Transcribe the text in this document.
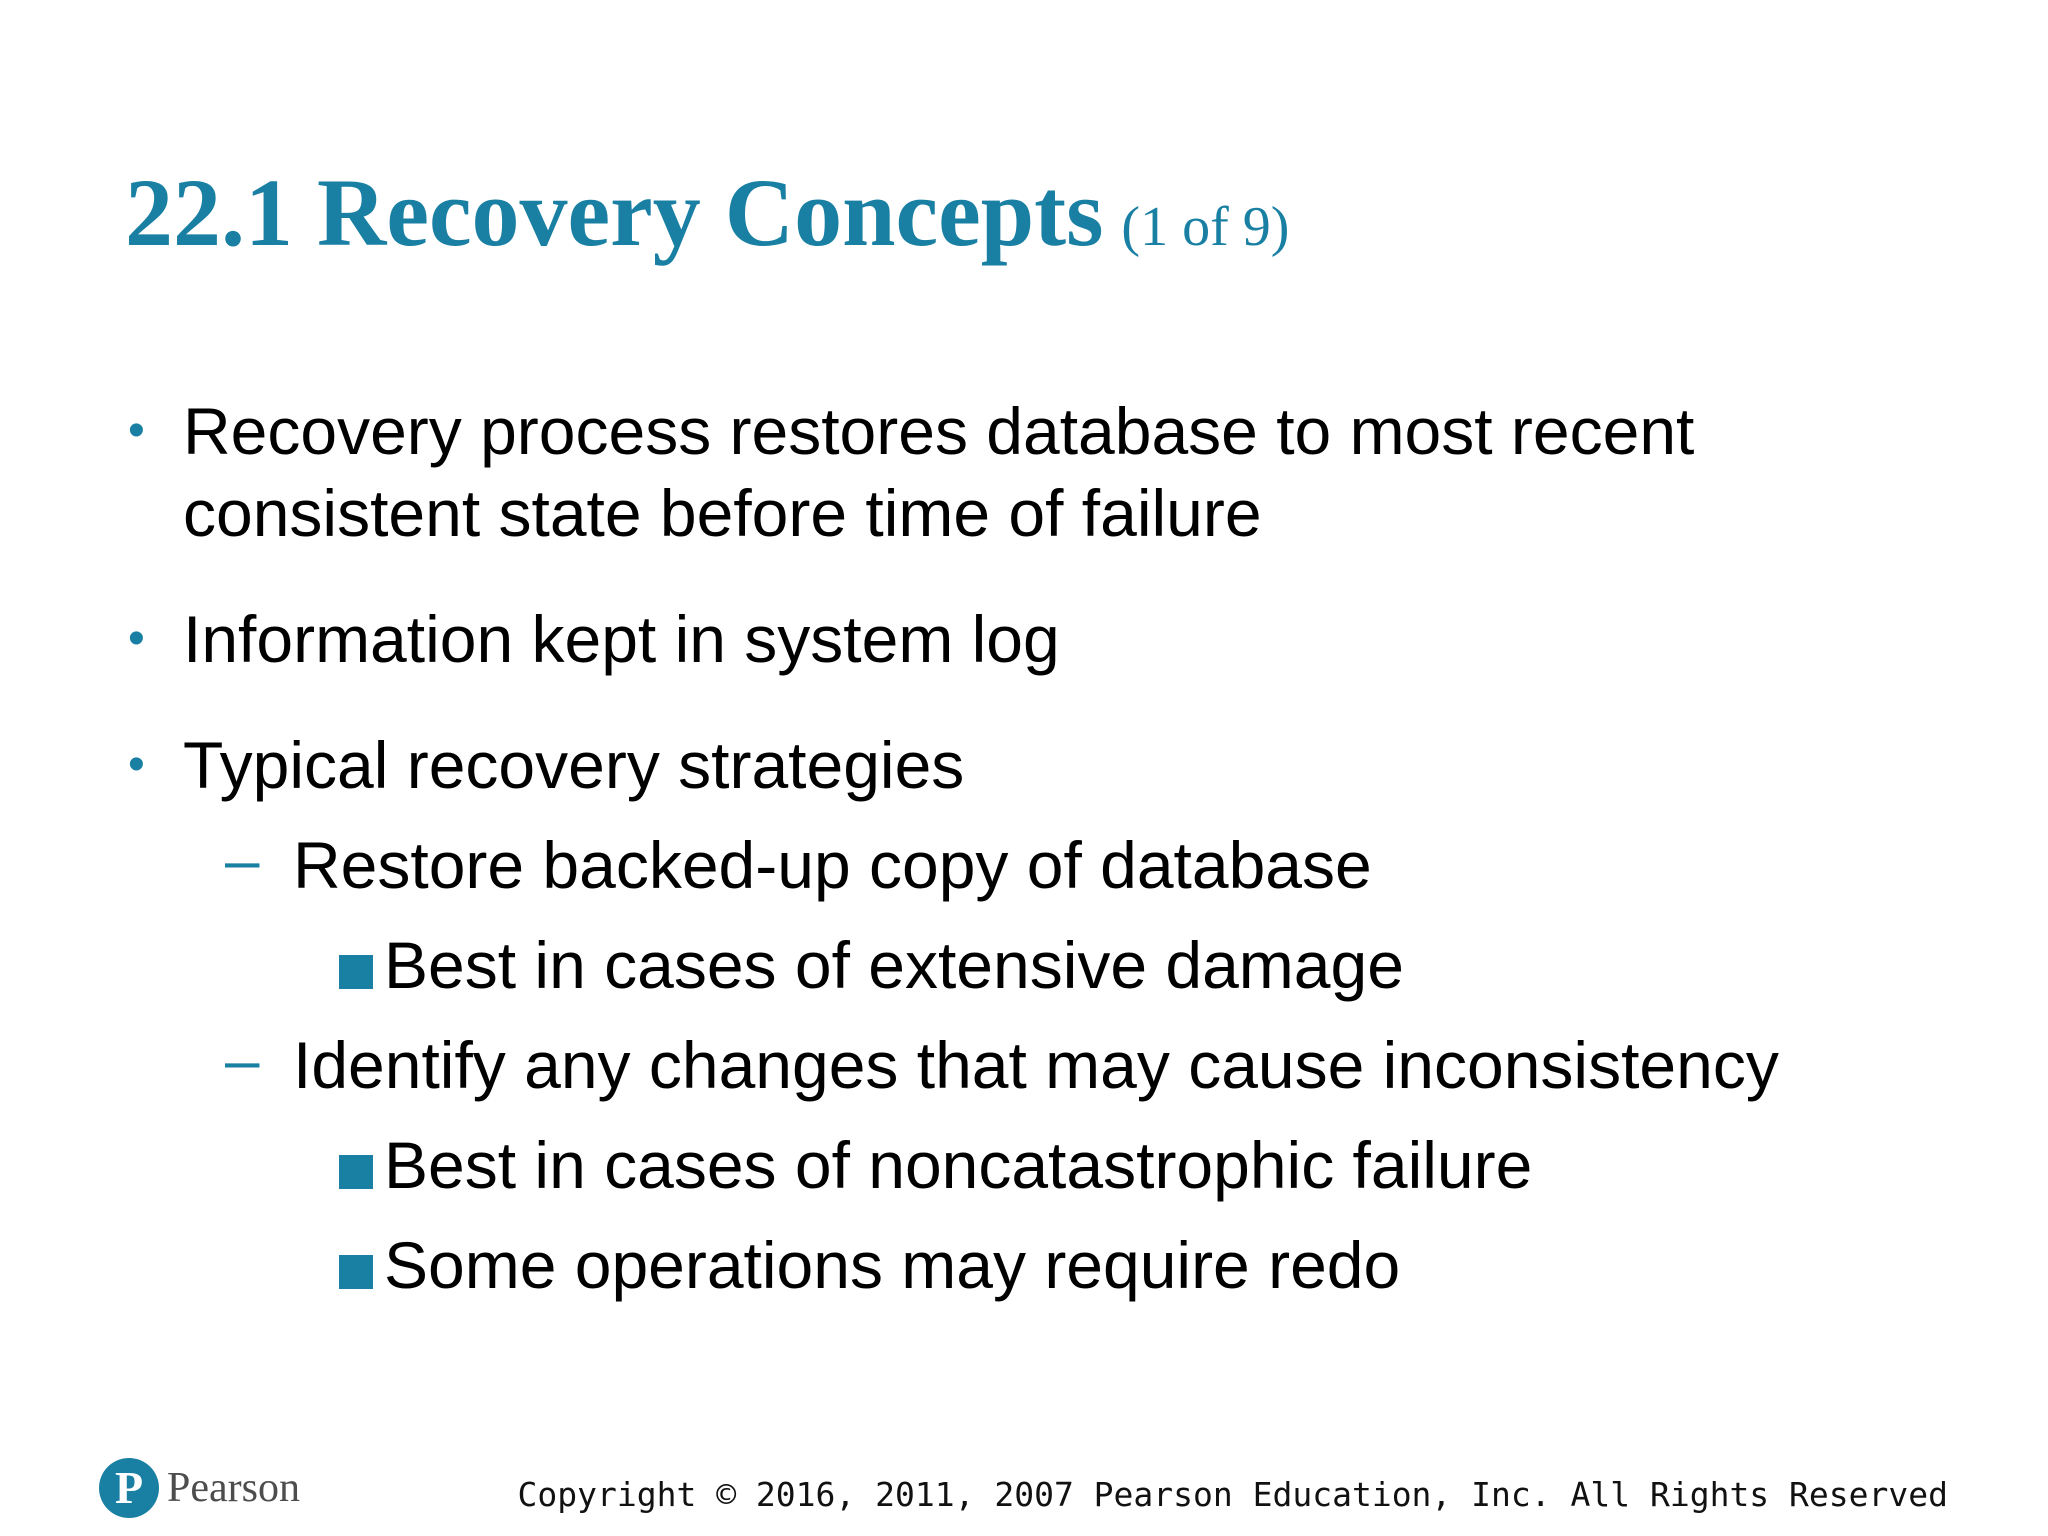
22.1 Recovery Concepts (1 of 9)
• Recovery process restores database to most recent
consistent state before time of failure
• Information kept in system log
• Typical recovery strategies
– Restore backed-up copy of database
Best in cases of extensive damage
– Identify any changes that may cause inconsistency
Best in cases of noncatastrophic failure
Some operations may require redo
P Pearson	Copyright © 2016, 2011, 2007 Pearson Education, Inc. All Rights Reserved
